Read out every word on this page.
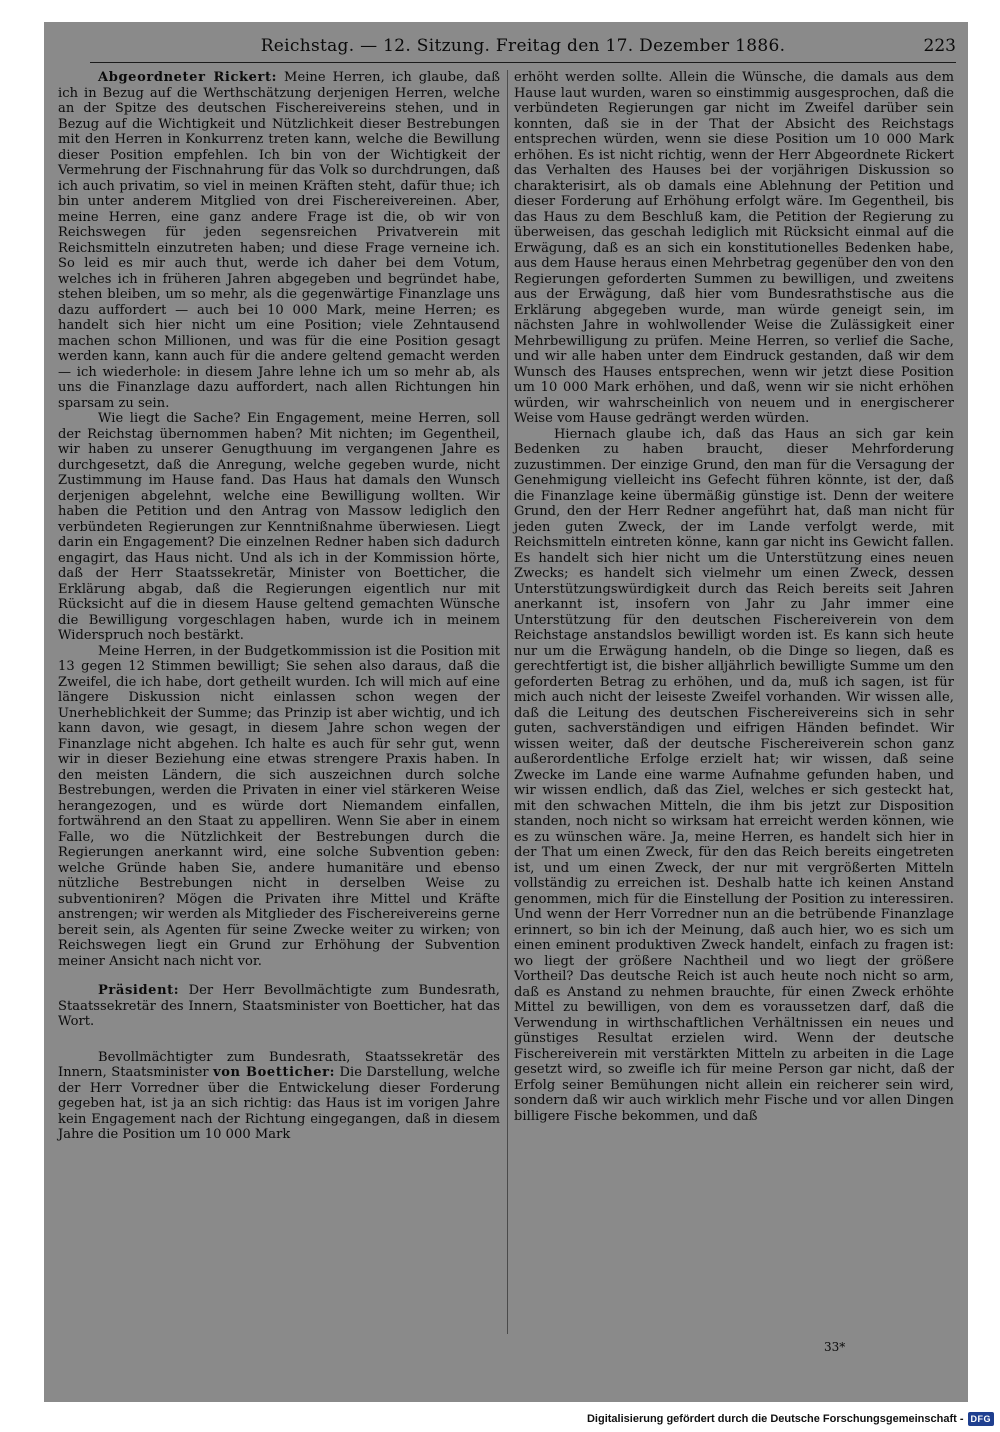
Reichstag. — 12. Sitzung. Freitag den 17. Dezember 1886.	223

Abgeordneter Rickert: Meine Herren, ich glaube, daß ich in Bezug auf die Werthschätzung derjenigen Herren, welche an der Spitze des deutschen Fischereivereins stehen, und in Bezug auf die Wichtigkeit und Nützlichkeit dieser Bestrebungen mit den Herren in Konkurrenz treten kann, welche die Bewillung dieser Position empfehlen. Ich bin von der Wichtigkeit der Vermehrung der Fischnahrung für das Volk so durchdrungen, daß ich auch privatim, so viel in meinen Kräften steht, dafür thue; ich bin unter anderem Mitglied von drei Fischereivereinen. Aber, meine Herren, eine ganz andere Frage ist die, ob wir von Reichswegen für jeden segensreichen Privatverein mit Reichsmitteln einzutreten haben; und diese Frage verneine ich. So leid es mir auch thut, werde ich daher bei dem Votum, welches ich in früheren Jahren abgegeben und begründet habe, stehen bleiben, um so mehr, als die gegenwärtige Finanzlage uns dazu auffordert — auch bei 10 000 Mark, meine Herren; es handelt sich hier nicht um eine Position; viele Zehntausend machen schon Millionen, und was für die eine Position gesagt werden kann, kann auch für die andere geltend gemacht werden — ich wiederhole: in diesem Jahre lehne ich um so mehr ab, als uns die Finanzlage dazu auffordert, nach allen Richtungen hin sparsam zu sein.

Wie liegt die Sache? Ein Engagement, meine Herren, soll der Reichstag übernommen haben? Mit nichten; im Gegentheil, wir haben zu unserer Genugthuung im vergangenen Jahre es durchgesetzt, daß die Anregung, welche gegeben wurde, nicht Zustimmung im Hause fand. Das Haus hat damals den Wunsch derjenigen abgelehnt, welche eine Bewilligung wollten. Wir haben die Petition und den Antrag von Massow lediglich den verbündeten Regierungen zur Kenntnißnahme überwiesen. Liegt darin ein Engagement? Die einzelnen Redner haben sich dadurch engagirt, das Haus nicht. Und als ich in der Kommission hörte, daß der Herr Staatssekretär, Minister von Boetticher, die Erklärung abgab, daß die Regierungen eigentlich nur mit Rücksicht auf die in diesem Hause geltend gemachten Wünsche die Bewilligung vorgeschlagen haben, wurde ich in meinem Widerspruch noch bestärkt.

Meine Herren, in der Budgetkommission ist die Position mit 13 gegen 12 Stimmen bewilligt; Sie sehen also daraus, daß die Zweifel, die ich habe, dort getheilt wurden. Ich will mich auf eine längere Diskussion nicht einlassen schon wegen der Unerheblichkeit der Summe; das Prinzip ist aber wichtig, und ich kann davon, wie gesagt, in diesem Jahre schon wegen der Finanzlage nicht abgehen. Ich halte es auch für sehr gut, wenn wir in dieser Beziehung eine etwas strengere Praxis haben. In den meisten Ländern, die sich auszeichnen durch solche Bestrebungen, werden die Privaten in einer viel stärkeren Weise herangezogen, und es würde dort Niemandem einfallen, fortwährend an den Staat zu appelliren. Wenn Sie aber in einem Falle, wo die Nützlichkeit der Bestrebungen durch die Regierungen anerkannt wird, eine solche Subvention geben: welche Gründe haben Sie, andere humanitäre und ebenso nützliche Bestrebungen nicht in derselben Weise zu subventioniren? Mögen die Privaten ihre Mittel und Kräfte anstrengen; wir werden als Mitglieder des Fischereivereins gerne bereit sein, als Agenten für seine Zwecke weiter zu wirken; von Reichswegen liegt ein Grund zur Erhöhung der Subvention meiner Ansicht nach nicht vor.

Präsident: Der Herr Bevollmächtigte zum Bundesrath, Staatssekretär des Innern, Staatsminister von Boetticher, hat das Wort.

Bevollmächtigter zum Bundesrath, Staatssekretär des Innern, Staatsminister von Boetticher: Die Darstellung, welche der Herr Vorredner über die Entwickelung dieser Forderung gegeben hat, ist ja an sich richtig: das Haus ist im vorigen Jahre kein Engagement nach der Richtung eingegangen, daß in diesem Jahre die Position um 10 000 Mark

erhöht werden sollte. Allein die Wünsche, die damals aus dem Hause laut wurden, waren so einstimmig ausgesprochen, daß die verbündeten Regierungen gar nicht im Zweifel darüber sein konnten, daß sie in der That der Absicht des Reichstags entsprechen würden, wenn sie diese Position um 10 000 Mark erhöhen. Es ist nicht richtig, wenn der Herr Abgeordnete Rickert das Verhalten des Hauses bei der vorjährigen Diskussion so charakterisirt, als ob damals eine Ablehnung der Petition und dieser Forderung auf Erhöhung erfolgt wäre. Im Gegentheil, bis das Haus zu dem Beschluß kam, die Petition der Regierung zu überweisen, das geschah lediglich mit Rücksicht einmal auf die Erwägung, daß es an sich ein konstitutionelles Bedenken habe, aus dem Hause heraus einen Mehrbetrag gegenüber den von den Regierungen geforderten Summen zu bewilligen, und zweitens aus der Erwägung, daß hier vom Bundesrathstische aus die Erklärung abgegeben wurde, man würde geneigt sein, im nächsten Jahre in wohlwollender Weise die Zulässigkeit einer Mehrbewilligung zu prüfen. Meine Herren, so verlief die Sache, und wir alle haben unter dem Eindruck gestanden, daß wir dem Wunsch des Hauses entsprechen, wenn wir jetzt diese Position um 10 000 Mark erhöhen, und daß, wenn wir sie nicht erhöhen würden, wir wahrscheinlich von neuem und in energischerer Weise vom Hause gedrängt werden würden.

Hiernach glaube ich, daß das Haus an sich gar kein Bedenken zu haben braucht, dieser Mehrforderung zuzustimmen. Der einzige Grund, den man für die Versagung der Genehmigung vielleicht ins Gefecht führen könnte, ist der, daß die Finanzlage keine übermäßig günstige ist. Denn der weitere Grund, den der Herr Redner angeführt hat, daß man nicht für jeden guten Zweck, der im Lande verfolgt werde, mit Reichsmitteln eintreten könne, kann gar nicht ins Gewicht fallen. Es handelt sich hier nicht um die Unterstützung eines neuen Zwecks; es handelt sich vielmehr um einen Zweck, dessen Unterstützungswürdigkeit durch das Reich bereits seit Jahren anerkannt ist, insofern von Jahr zu Jahr immer eine Unterstützung für den deutschen Fischereiverein von dem Reichstage anstandslos bewilligt worden ist. Es kann sich heute nur um die Erwägung handeln, ob die Dinge so liegen, daß es gerechtfertigt ist, die bisher alljährlich bewilligte Summe um den geforderten Betrag zu erhöhen, und da, muß ich sagen, ist für mich auch nicht der leiseste Zweifel vorhanden. Wir wissen alle, daß die Leitung des deutschen Fischereivereins sich in sehr guten, sachverständigen und eifrigen Händen befindet. Wir wissen weiter, daß der deutsche Fischereiverein schon ganz außerordentliche Erfolge erzielt hat; wir wissen, daß seine Zwecke im Lande eine warme Aufnahme gefunden haben, und wir wissen endlich, daß das Ziel, welches er sich gesteckt hat, mit den schwachen Mitteln, die ihm bis jetzt zur Disposition standen, noch nicht so wirksam hat erreicht werden können, wie es zu wünschen wäre. Ja, meine Herren, es handelt sich hier in der That um einen Zweck, für den das Reich bereits eingetreten ist, und um einen Zweck, der nur mit vergrößerten Mitteln vollständig zu erreichen ist. Deshalb hatte ich keinen Anstand genommen, mich für die Einstellung der Position zu interessiren. Und wenn der Herr Vorredner nun an die betrübende Finanzlage erinnert, so bin ich der Meinung, daß auch hier, wo es sich um einen eminent produktiven Zweck handelt, einfach zu fragen ist: wo liegt der größere Nachtheil und wo liegt der größere Vortheil? Das deutsche Reich ist auch heute noch nicht so arm, daß es Anstand zu nehmen brauchte, für einen Zweck erhöhte Mittel zu bewilligen, von dem es voraussetzen darf, daß die Verwendung in wirthschaftlichen Verhältnissen ein neues und günstiges Resultat erzielen wird. Wenn der deutsche Fischereiverein mit verstärkten Mitteln zu arbeiten in die Lage gesetzt wird, so zweifle ich für meine Person gar nicht, daß der Erfolg seiner Bemühungen nicht allein ein reicherer sein wird, sondern daß wir auch wirklich mehr Fische und vor allen Dingen billigere Fische bekommen, und daß

33*
Digitalisierung gefördert durch die Deutsche Forschungsgemeinschaft - DFG
